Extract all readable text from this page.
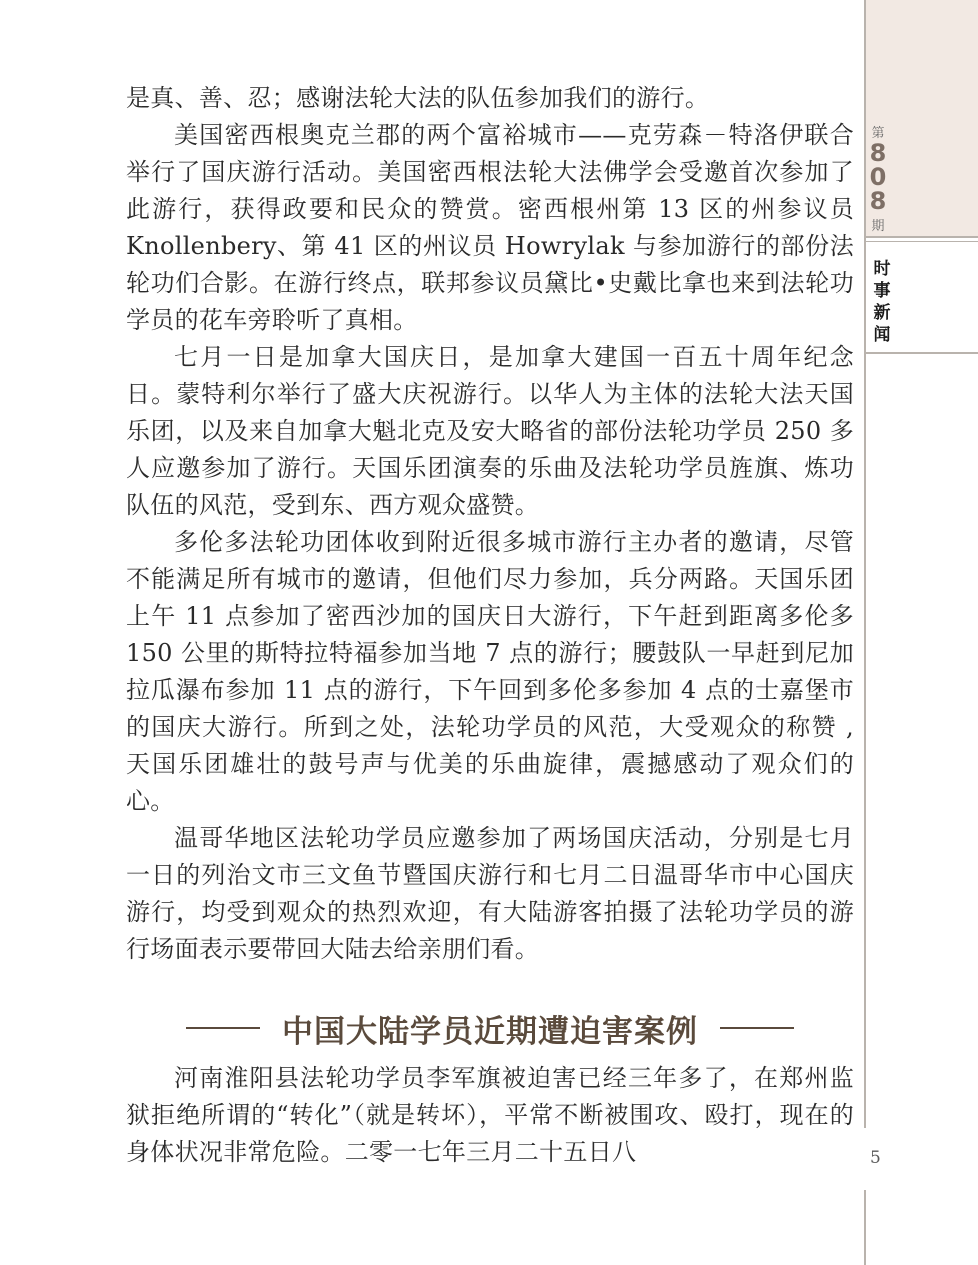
第
8
0
8
期
时
事
新
闻
5

是真、善、忍；感谢法轮大法的队伍参加我们的游行。

美国密西根奥克兰郡的两个富裕城市——克劳森－特洛伊联合举行了国庆游行活动。美国密西根法轮大法佛学会受邀首次参加了此游行，获得政要和民众的赞赏。密西根州第 13 区的州参议员 Knollenbery、第 41 区的州议员 Howrylak 与参加游行的部份法轮功们合影。在游行终点，联邦参议员黛比•史戴比拿也来到法轮功学员的花车旁聆听了真相。

七月一日是加拿大国庆日，是加拿大建国一百五十周年纪念日。蒙特利尔举行了盛大庆祝游行。以华人为主体的法轮大法天国乐团，以及来自加拿大魁北克及安大略省的部份法轮功学员 250 多人应邀参加了游行。天国乐团演奏的乐曲及法轮功学员旌旗、炼功队伍的风范，受到东、西方观众盛赞。

多伦多法轮功团体收到附近很多城市游行主办者的邀请，尽管不能满足所有城市的邀请，但他们尽力参加，兵分两路。天国乐团上午 11 点参加了密西沙加的国庆日大游行，下午赶到距离多伦多 150 公里的斯特拉特福参加当地 7 点的游行；腰鼓队一早赶到尼加拉瓜瀑布参加 11 点的游行，下午回到多伦多参加 4 点的士嘉堡市的国庆大游行。所到之处，法轮功学员的风范，大受观众的称赞 , 天国乐团雄壮的鼓号声与优美的乐曲旋律，震撼感动了观众们的心。

温哥华地区法轮功学员应邀参加了两场国庆活动，分别是七月一日的列治文市三文鱼节暨国庆游行和七月二日温哥华市中心国庆游行，均受到观众的热烈欢迎，有大陆游客拍摄了法轮功学员的游行场面表示要带回大陆去给亲朋们看。

中国大陆学员近期遭迫害案例

河南淮阳县法轮功学员李军旗被迫害已经三年多了，在郑州监狱拒绝所谓的“转化”（就是转坏），平常不断被围攻、殴打，现在的身体状况非常危险。二零一七年三月二十五日八
